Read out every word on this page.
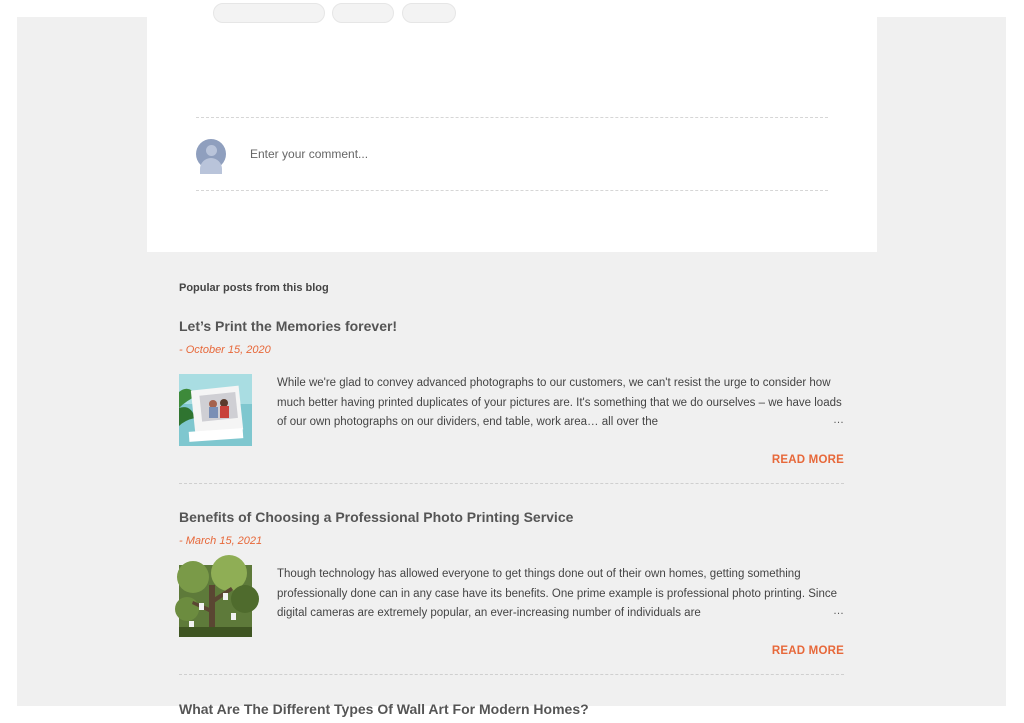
Enter your comment...
Popular posts from this blog
Let’s Print the Memories forever!
- October 15, 2020
While we're glad to convey advanced photographs to our customers, we can't resist the urge to consider how much better having printed duplicates of your pictures are. It's something that we do ourselves – we have loads of our own photographs on our dividers, end table, work area… all over the	…
READ MORE
Benefits of Choosing a Professional Photo Printing Service
- March 15, 2021
Though technology has allowed everyone to get things done out of their own homes, getting something professionally done can in any case have its benefits. One prime example is professional photo printing. Since digital cameras are extremely popular, an ever-increasing number of individuals are	…
READ MORE
What Are The Different Types Of Wall Art For Modern Homes?
